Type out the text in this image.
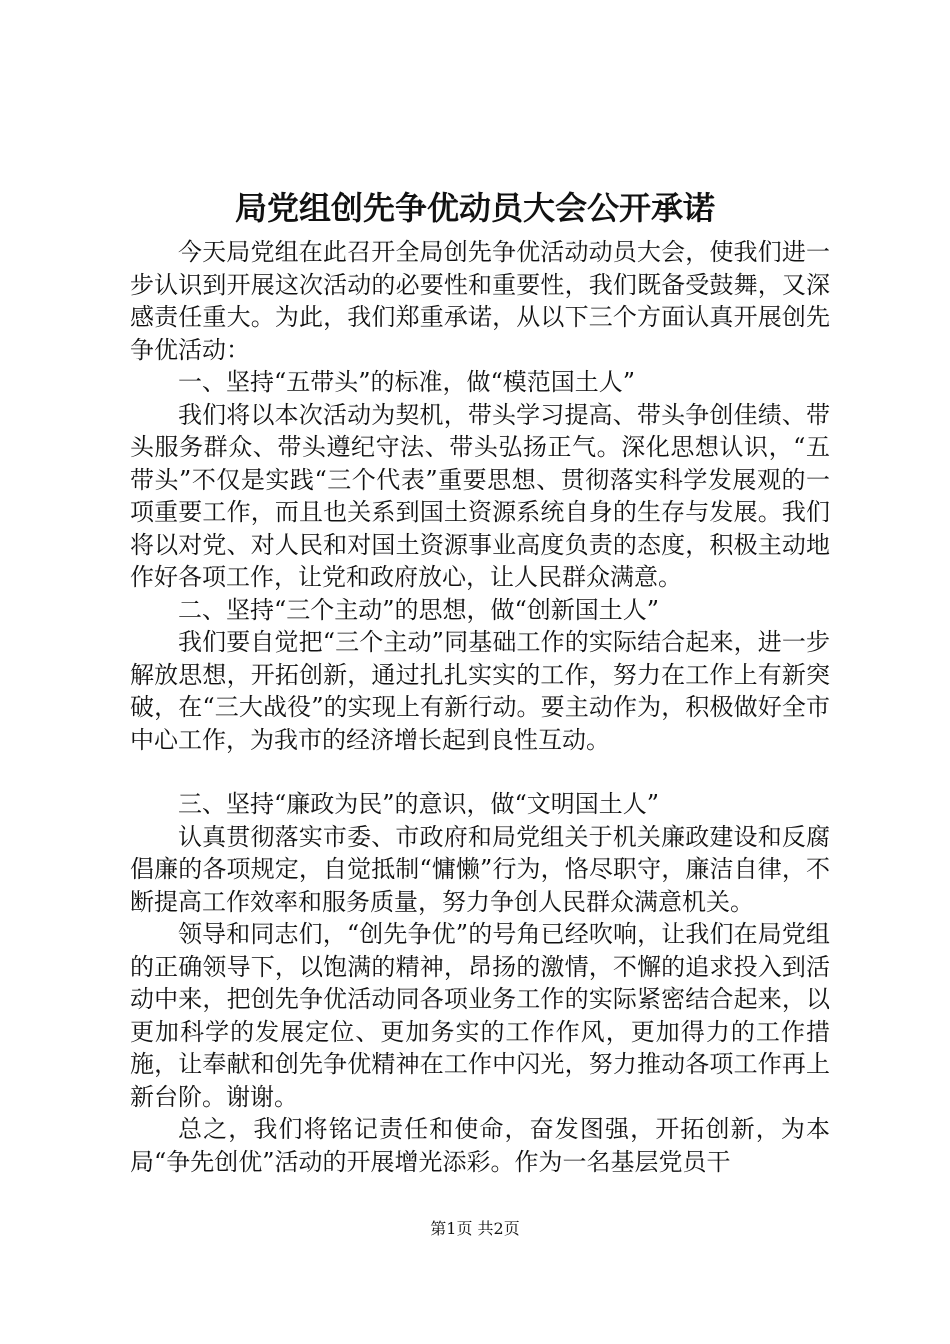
局党组创先争优动员大会公开承诺

今天局党组在此召开全局创先争优活动动员大会，使我们进一步认识到开展这次活动的必要性和重要性，我们既备受鼓舞，又深感责任重大。为此，我们郑重承诺，从以下三个方面认真开展创先争优活动：

一、坚持“五带头”的标准，做“模范国土人”

我们将以本次活动为契机，带头学习提高、带头争创佳绩、带头服务群众、带头遵纪守法、带头弘扬正气。深化思想认识，“五带头”不仅是实践“三个代表”重要思想、贯彻落实科学发展观的一项重要工作，而且也关系到国土资源系统自身的生存与发展。我们将以对党、对人民和对国土资源事业高度负责的态度，积极主动地作好各项工作，让党和政府放心，让人民群众满意。

二、坚持“三个主动”的思想，做“创新国土人”

我们要自觉把“三个主动”同基础工作的实际结合起来，进一步解放思想，开拓创新，通过扎扎实实的工作，努力在工作上有新突破，在“三大战役”的实现上有新行动。要主动作为，积极做好全市中心工作，为我市的经济增长起到良性互动。

三、坚持“廉政为民”的意识，做“文明国土人”

认真贯彻落实市委、市政府和局党组关于机关廉政建设和反腐倡廉的各项规定，自觉抵制“慵懒”行为，恪尽职守，廉洁自律，不断提高工作效率和服务质量，努力争创人民群众满意机关。

领导和同志们，“创先争优”的号角已经吹响，让我们在局党组的正确领导下，以饱满的精神，昂扬的激情，不懈的追求投入到活动中来，把创先争优活动同各项业务工作的实际紧密结合起来，以更加科学的发展定位、更加务实的工作作风，更加得力的工作措施，让奉献和创先争优精神在工作中闪光，努力推动各项工作再上新台阶。谢谢。

总之，我们将铭记责任和使命，奋发图强，开拓创新，为本局“争先创优”活动的开展增光添彩。作为一名基层党员干

第1页 共2页
